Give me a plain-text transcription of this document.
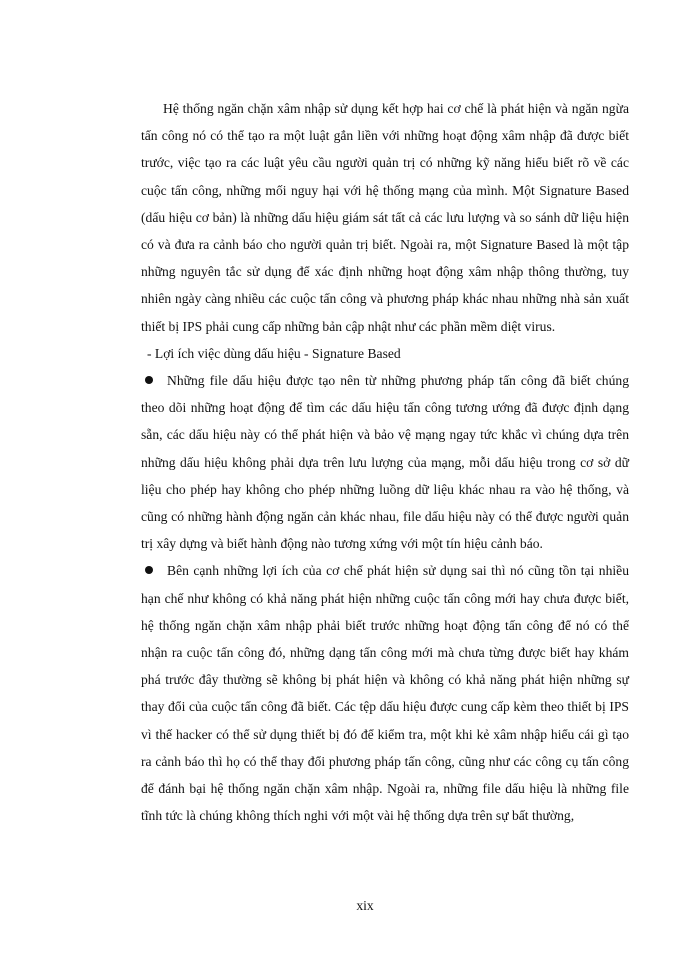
Hệ thống ngăn chặn xâm nhập sử dụng kết hợp hai cơ chế là phát hiện và ngăn ngừa tấn công nó có thể tạo ra một luật gắn liền với những hoạt động xâm nhập đã được biết trước, việc tạo ra các luật yêu cầu người quản trị có những kỹ năng hiểu biết rõ về các cuộc tấn công, những mối nguy hại với hệ thống mạng của mình. Một Signature Based (dấu hiệu cơ bản) là những dấu hiệu giám sát tất cả các lưu lượng và so sánh dữ liệu hiện có và đưa ra cảnh báo cho người quản trị biết. Ngoài ra, một Signature Based là một tập những nguyên tắc sử dụng để xác định những hoạt động xâm nhập thông thường, tuy nhiên ngày càng nhiều các cuộc tấn công và phương pháp khác nhau những nhà sản xuất thiết bị IPS phải cung cấp những bản cập nhật như các phần mềm diệt virus.

- Lợi ích việc dùng dấu hiệu - Signature Based

Những file dấu hiệu được tạo nên từ những phương pháp tấn công đã biết chúng theo dõi những hoạt động để tìm các dấu hiệu tấn công tương ướng đã được định dạng sẵn, các dấu hiệu này có thể phát hiện và bảo vệ mạng ngay tức khắc vì chúng dựa trên những dấu hiệu không phải dựa trên lưu lượng của mạng, mỗi dấu hiệu trong cơ sở dữ liệu cho phép hay không cho phép những luồng dữ liệu khác nhau ra vào hệ thống, và cũng có những hành động ngăn cản khác nhau, file dấu hiệu này có thể được người quản trị xây dựng và biết hành động nào tương xứng với một tín hiệu cảnh báo.

Bên cạnh những lợi ích của cơ chế phát hiện sử dụng sai thì nó cũng tồn tại nhiều hạn chế như không có khả năng phát hiện những cuộc tấn công mới hay chưa được biết, hệ thống ngăn chặn xâm nhập phải biết trước những hoạt động tấn công để nó có thể nhận ra cuộc tấn công đó, những dạng tấn công mới mà chưa từng được biết hay khám phá trước đây thường sẽ không bị phát hiện và không có khả năng phát hiện những sự thay đổi của cuộc tấn công đã biết. Các tệp dấu hiệu được cung cấp kèm theo thiết bị IPS vì thế hacker có thể sử dụng thiết bị đó để kiểm tra, một khi kẻ xâm nhập hiểu cái gì tạo ra cảnh báo thì họ có thể thay đổi phương pháp tấn công, cũng như các công cụ tấn công để đánh bại hệ thống ngăn chặn xâm nhập. Ngoài ra, những file dấu hiệu là những file tĩnh tức là chúng không thích nghi với một vài hệ thống dựa trên sự bất thường,

xix
